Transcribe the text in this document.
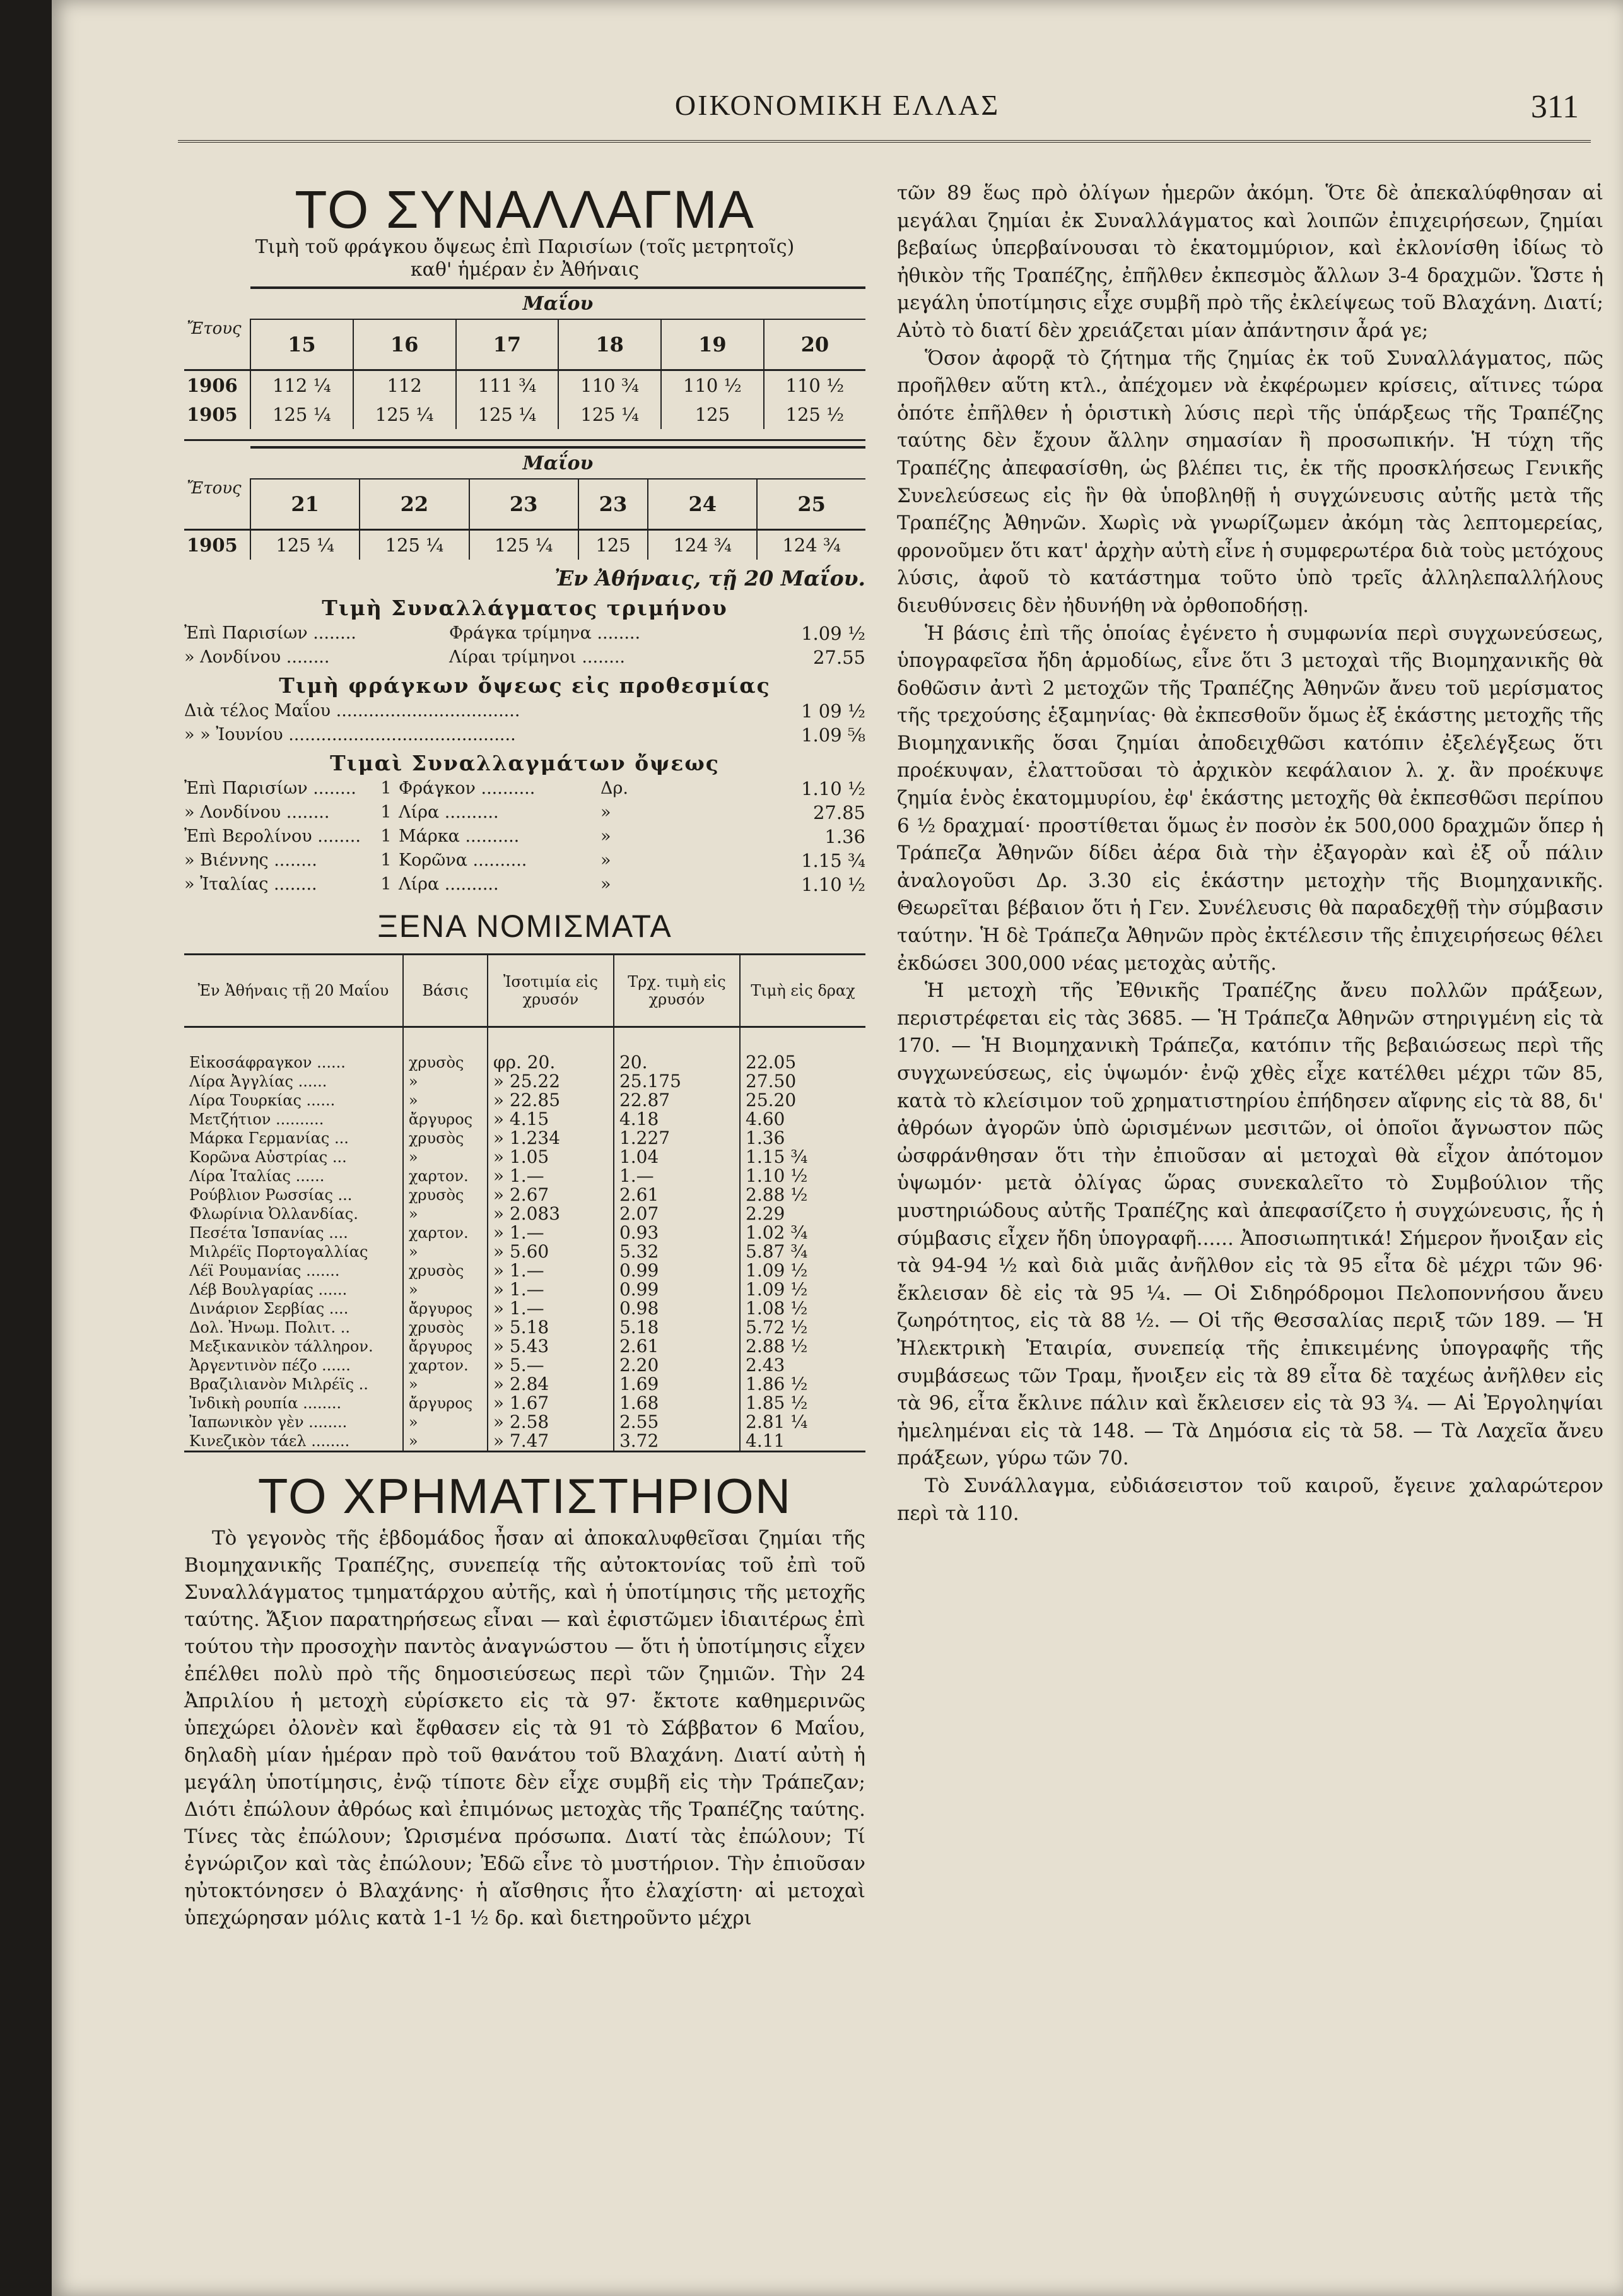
ΟΙΚΟΝΟΜΙΚΗ ΕΛΛΑΣ	311
ΤΟ ΣΥΝΑΛΛΑΓΜΑ
Τιμὴ τοῦ φράγκου ὄψεως ἐπὶ Παρισίων (τοῖς μετρητοῖς)
καθ' ἡμέραν ἐν Ἀθήναις
Ἔτους	Μαΐου					
	15	16	17	18	19	20
1906	112 ¼	112	111 ¾	110 ¾	110 ½	110 ½
1905	125 ¼	125 ¼	125 ¼	125 ¼	125	125 ½

Ἔτους	Μαΐου					
	21	22	23	23	24	25
1905	125 ¼	125 ¼	125 ¼	125	124 ¾	124 ¾
Ἐν Ἀθήναις, τῇ 20 Μαΐου.
Τιμὴ Συναλλάγματος τριμήνου
Ἐπὶ Παρισίων ........	Φράγκα τρίμηνα ........	1.09 ½
» Λονδίνου ........	Λίραι τρίμηνοι ........	27.55
Τιμὴ φράγκων ὄψεως εἰς προθεσμίας
Διὰ τέλος Μαΐου ..................................	1 09 ½
» » Ἰουνίου ..........................................	1.09 ⅝
Τιμαὶ Συναλλαγμάτων ὄψεως
Ἐπὶ Παρισίων ........	1 Φράγκον ..........	Δρ.	1.10 ½
» Λονδίνου ........	1 Λίρα ..........	»	27.85
Ἐπὶ Βερολίνου ........	1 Μάρκα ..........	»	1.36
» Βιέννης ........	1 Κορῶνα ..........	»	1.15 ¾
» Ἰταλίας ........	1 Λίρα ..........	»	1.10 ½
ΞΕΝΑ ΝΟΜΙΣΜΑΤΑ
Ἐν Ἀθήναις τῇ 20 Μαΐου	Βάσις	Ἰσοτιμία εἰς χρυσόν	Τρχ. τιμὴ εἰς χρυσόν	Τιμὴ εἰς δραχ

Εἰκοσάφραγκον ......	χρυσὸς	φρ. 20.	20.	22.05
Λίρα Ἀγγλίας ......	»	» 25.22	25.175	27.50
Λίρα Τουρκίας ......	»	» 22.85	22.87	25.20
Μετζήτιον ..........	ἄργυρος	» 4.15	4.18	4.60
Μάρκα Γερμανίας ...	χρυσὸς	» 1.234	1.227	1.36
Κορῶνα Αὐστρίας ...	»	» 1.05	1.04	1.15 ¾
Λίρα Ἰταλίας ......	χαρτον.	» 1.—	1.—	1.10 ½
Ρούβλιον Ρωσσίας ...	χρυσὸς	» 2.67	2.61	2.88 ½
Φλωρίνια Ὀλλανδίας.	»	» 2.083	2.07	2.29
Πεσέτα Ἱσπανίας ....	χαρτον.	» 1.—	0.93	1.02 ¾
Μιλρέϊς Πορτογαλλίας	»	» 5.60	5.32	5.87 ¾
Λέϊ Ρουμανίας .......	χρυσὸς	» 1.—	0.99	1.09 ½
Λέβ Βουλγαρίας ......	»	» 1.—	0.99	1.09 ½
Δινάριον Σερβίας ....	ἄργυρος	» 1.—	0.98	1.08 ½
Δολ. Ἠνωμ. Πολιτ. ..	χρυσὸς	» 5.18	5.18	5.72 ½
Μεξικανικὸν τάλληρον.	ἄργυρος	» 5.43	2.61	2.88 ½
Ἀργεντινὸν πέζο ......	χαρτον.	» 5.—	2.20	2.43
Βραζιλιανὸν Μιλρέϊς ..	»	» 2.84	1.69	1.86 ½
Ἰνδικὴ ρουπία ........	ἄργυρος	» 1.67	1.68	1.85 ½
Ἰαπωνικὸν γὲν ........	»	» 2.58	2.55	2.81 ¼
Κινεζικὸν τάελ ........	»	» 7.47	3.72	4.11
ΤΟ ΧΡΗΜΑΤΙΣΤΗΡΙΟΝ

Τὸ γεγονὸς τῆς ἑβδομάδος ἦσαν αἱ ἀποκαλυφθεῖσαι ζημίαι τῆς Βιομηχανικῆς Τραπέζης, συνεπείᾳ τῆς αὐτοκτονίας τοῦ ἐπὶ τοῦ Συναλλάγματος τμηματάρχου αὐτῆς, καὶ ἡ ὑποτίμησις τῆς μετοχῆς ταύτης. Ἄξιον παρατηρήσεως εἶναι — καὶ ἐφιστῶμεν ἰδιαιτέρως ἐπὶ τούτου τὴν προσοχὴν παντὸς ἀναγνώστου — ὅτι ἡ ὑποτίμησις εἶχεν ἐπέλθει πολὺ πρὸ τῆς δημοσιεύσεως περὶ τῶν ζημιῶν. Τὴν 24 Ἀπριλίου ἡ μετοχὴ εὑρίσκετο εἰς τὰ 97· ἔκτοτε καθημερινῶς ὑπεχώρει ὀλονὲν καὶ ἔφθασεν εἰς τὰ 91 τὸ Σάββατον 6 Μαΐου, δηλαδὴ μίαν ἡμέραν πρὸ τοῦ θανάτου τοῦ Βλαχάνη. Διατί αὐτὴ ἡ μεγάλη ὑποτίμησις, ἐνῷ τίποτε δὲν εἶχε συμβῆ εἰς τὴν Τράπεζαν; Διότι ἐπώλουν ἀθρόως καὶ ἐπιμόνως μετοχὰς τῆς Τραπέζης ταύτης. Τίνες τὰς ἐπώλουν; Ὡρισμένα πρόσωπα. Διατί τὰς ἐπώλουν; Τί ἐγνώριζον καὶ τὰς ἐπώλουν; Ἐδῶ εἶνε τὸ μυστήριον. Τὴν ἐπιοῦσαν ηὐτοκτόνησεν ὁ Βλαχάνης· ἡ αἴσθησις ἦτο ἐλαχίστη· αἱ μετοχαὶ ὑπεχώρησαν μόλις κατὰ 1-1 ½ δρ. καὶ διετηροῦντο μέχρι

τῶν 89 ἕως πρὸ ὀλίγων ἡμερῶν ἀκόμη. Ὅτε δὲ ἀπεκαλύφθησαν αἱ μεγάλαι ζημίαι ἐκ Συναλλάγματος καὶ λοιπῶν ἐπιχειρήσεων, ζημίαι βεβαίως ὑπερβαίνουσαι τὸ ἑκατομμύριον, καὶ ἐκλονίσθη ἰδίως τὸ ἠθικὸν τῆς Τραπέζης, ἐπῆλθεν ἐκπεσμὸς ἄλλων 3-4 δραχμῶν. Ὥστε ἡ μεγάλη ὑποτίμησις εἶχε συμβῆ πρὸ τῆς ἐκλείψεως τοῦ Βλαχάνη. Διατί; Αὐτὸ τὸ διατί δὲν χρειάζεται μίαν ἀπάντησιν ἆρά γε;

Ὅσον ἀφορᾷ τὸ ζήτημα τῆς ζημίας ἐκ τοῦ Συναλλάγματος, πῶς προῆλθεν αὕτη κτλ., ἀπέχομεν νὰ ἐκφέρωμεν κρίσεις, αἵτινες τώρα ὁπότε ἐπῆλθεν ἡ ὁριστικὴ λύσις περὶ τῆς ὑπάρξεως τῆς Τραπέζης ταύτης δὲν ἔχουν ἄλλην σημασίαν ἢ προσωπικήν. Ἡ τύχη τῆς Τραπέζης ἀπεφασίσθη, ὡς βλέπει τις, ἐκ τῆς προσκλήσεως Γενικῆς Συνελεύσεως εἰς ἣν θὰ ὑποβληθῇ ἡ συγχώνευσις αὐτῆς μετὰ τῆς Τραπέζης Ἀθηνῶν. Χωρὶς νὰ γνωρίζωμεν ἀκόμη τὰς λεπτομερείας, φρονοῦμεν ὅτι κατ' ἀρχὴν αὐτὴ εἶνε ἡ συμφερωτέρα διὰ τοὺς μετόχους λύσις, ἀφοῦ τὸ κατάστημα τοῦτο ὑπὸ τρεῖς ἀλληλεπαλλήλους διευθύνσεις δὲν ἠδυνήθη νὰ ὀρθοποδήσῃ.

Ἡ βάσις ἐπὶ τῆς ὁποίας ἐγένετο ἡ συμφωνία περὶ συγχωνεύσεως, ὑπογραφεῖσα ἤδη ἁρμοδίως, εἶνε ὅτι 3 μετοχαὶ τῆς Βιομηχανικῆς θὰ δοθῶσιν ἀντὶ 2 μετοχῶν τῆς Τραπέζης Ἀθηνῶν ἄνευ τοῦ μερίσματος τῆς τρεχούσης ἑξαμηνίας· θὰ ἐκπεσθοῦν ὅμως ἐξ ἑκάστης μετοχῆς τῆς Βιομηχανικῆς ὅσαι ζημίαι ἀποδειχθῶσι κατόπιν ἐξελέγξεως ὅτι προέκυψαν, ἐλαττοῦσαι τὸ ἀρχικὸν κεφάλαιον λ. χ. ἂν προέκυψε ζημία ἑνὸς ἑκατομμυρίου, ἐφ' ἑκάστης μετοχῆς θὰ ἐκπεσθῶσι περίπου 6 ½ δραχμαί· προστίθεται ὅμως ἐν ποσὸν ἐκ 500,000 δραχμῶν ὅπερ ἡ Τράπεζα Ἀθηνῶν δίδει ἀέρα διὰ τὴν ἐξαγορὰν καὶ ἐξ οὗ πάλιν ἀναλογοῦσι Δρ. 3.30 εἰς ἑκάστην μετοχὴν τῆς Βιομηχανικῆς. Θεωρεῖται βέβαιον ὅτι ἡ Γεν. Συνέλευσις θὰ παραδεχθῇ τὴν σύμβασιν ταύτην. Ἡ δὲ Τράπεζα Ἀθηνῶν πρὸς ἐκτέλεσιν τῆς ἐπιχειρήσεως θέλει ἐκδώσει 300,000 νέας μετοχὰς αὐτῆς.

Ἡ μετοχὴ τῆς Ἐθνικῆς Τραπέζης ἄνευ πολλῶν πράξεων, περιστρέφεται εἰς τὰς 3685. — Ἡ Τράπεζα Ἀθηνῶν στηριγμένη εἰς τὰ 170. — Ἡ Βιομηχανικὴ Τράπεζα, κατόπιν τῆς βεβαιώσεως περὶ τῆς συγχωνεύσεως, εἰς ὑψωμόν· ἐνῷ χθὲς εἶχε κατέλθει μέχρι τῶν 85, κατὰ τὸ κλείσιμον τοῦ χρηματιστηρίου ἐπήδησεν αἴφνης εἰς τὰ 88, δι' ἀθρόων ἀγορῶν ὑπὸ ὡρισμένων μεσιτῶν, οἱ ὁποῖοι ἄγνωστον πῶς ὠσφράνθησαν ὅτι τὴν ἐπιοῦσαν αἱ μετοχαὶ θὰ εἶχον ἀπότομον ὑψωμόν· μετὰ ὀλίγας ὥρας συνεκαλεῖτο τὸ Συμβούλιον τῆς μυστηριώδους αὐτῆς Τραπέζης καὶ ἀπεφασίζετο ἡ συγχώνευσις, ἧς ἡ σύμβασις εἶχεν ἤδη ὑπογραφῆ...... Ἀποσιωπητικά! Σήμερον ἤνοιξαν εἰς τὰ 94-94 ½ καὶ διὰ μιᾶς ἀνῆλθον εἰς τὰ 95 εἶτα δὲ μέχρι τῶν 96· ἔκλεισαν δὲ εἰς τὰ 95 ¼. — Οἱ Σιδηρόδρομοι Πελοποννήσου ἄνευ ζωηρότητος, εἰς τὰ 88 ½. — Οἱ τῆς Θεσσαλίας περιξ τῶν 189. — Ἡ Ἠλεκτρικὴ Ἑταιρία, συνεπείᾳ τῆς ἐπικειμένης ὑπογραφῆς τῆς συμβάσεως τῶν Τραμ, ἤνοιξεν εἰς τὰ 89 εἶτα δὲ ταχέως ἀνῆλθεν εἰς τὰ 96, εἶτα ἔκλινε πάλιν καὶ ἔκλεισεν εἰς τὰ 93 ¾. — Αἱ Ἐργοληψίαι ἠμελημέναι εἰς τὰ 148. — Τὰ Δημόσια εἰς τὰ 58. — Τὰ Λαχεῖα ἄνευ πράξεων, γύρω τῶν 70.

Τὸ Συνάλλαγμα, εὐδιάσειστον τοῦ καιροῦ, ἔγεινε χαλαρώτερον περὶ τὰ 110.
